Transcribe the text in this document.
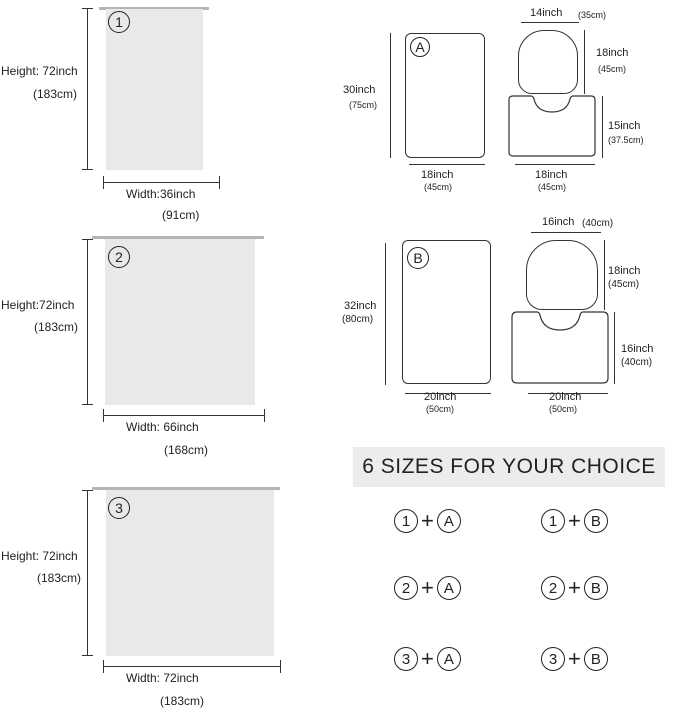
1
Height: 72inch
(183cm)
Width:36inch
(91cm)
2
Height:72inch
(183cm)
Width: 66inch
(168cm)
3
Height: 72inch
(183cm)
Width: 72inch
(183cm)
A
30inch
(75cm)
18inch
(45cm)
14inch (35cm)
18inch
(45cm)
15inch
(37.5cm)
18inch
(45cm)
B
32inch
(80cm)
20inch
(50cm)
16inch (40cm)
18inch
(45cm)
16inch
(40cm)
20inch
(50cm)
6 SIZES FOR YOUR CHOICE
1 + A	1 + B
2 + A	2 + B
3 + A	3 + B
